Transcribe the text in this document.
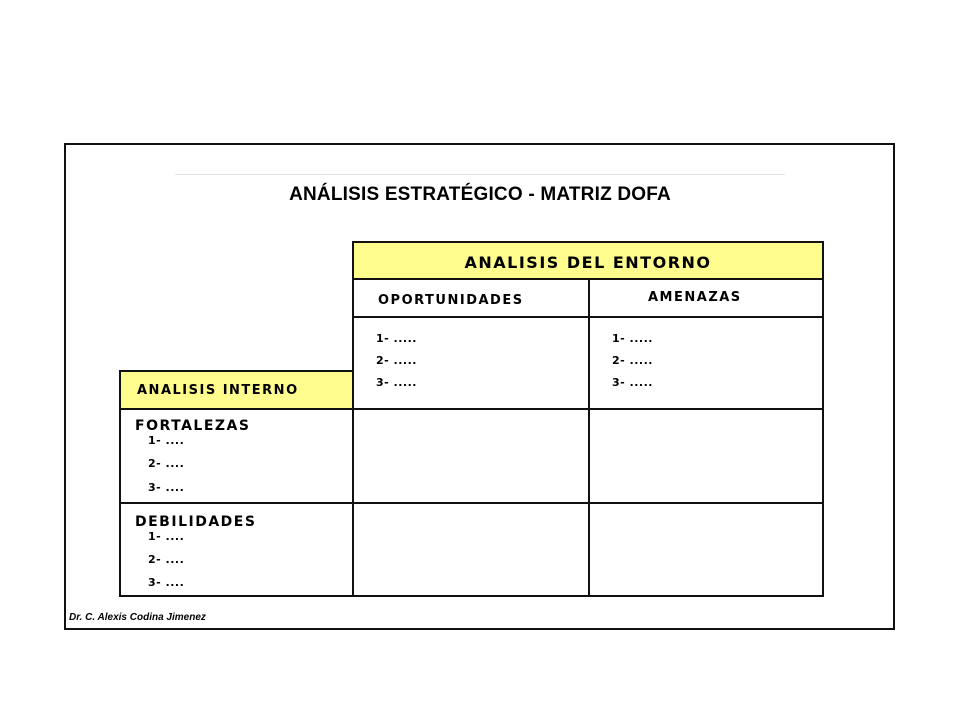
ANÁLISIS ESTRATÉGICO - MATRIZ DOFA
ANALISIS DEL ENTORNO
OPORTUNIDADES	AMENAZAS
1- .....
2- .....
3- .....
1- .....
2- .....
3- .....
ANALISIS INTERNO
FORTALEZAS
1- ....
2- ....
3- ....
DEBILIDADES
1- ....
2- ....
3- ....
Dr. C. Alexis Codina Jimenez
